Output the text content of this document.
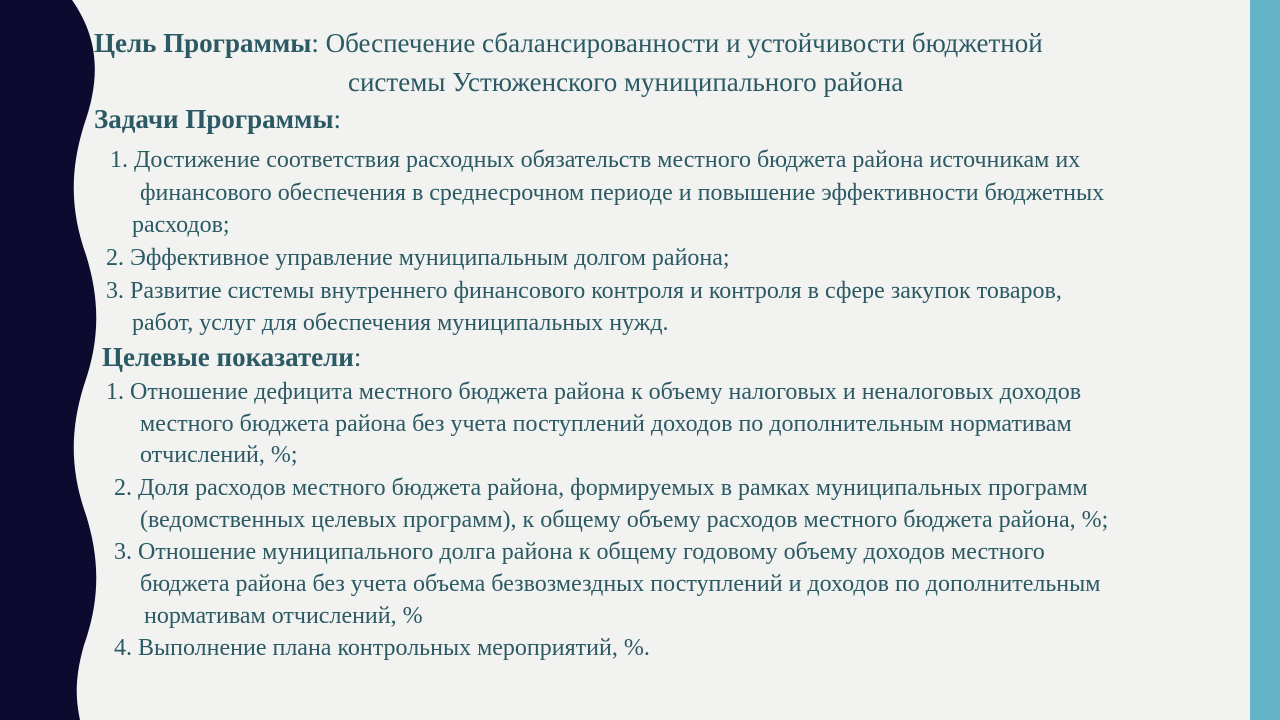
Цель Программы: Обеспечение сбалансированности и устойчивости бюджетной
системы Устюженского муниципального района
Задачи Программы:
1. Достижение соответствия расходных обязательств местного бюджета района источникам их
финансового обеспечения в среднесрочном периоде и повышение эффективности бюджетных
расходов;
2. Эффективное управление муниципальным долгом района;
3. Развитие системы внутреннего финансового контроля и контроля в сфере закупок товаров,
работ, услуг для обеспечения муниципальных нужд.
Целевые показатели:
1. Отношение дефицита местного бюджета района к объему налоговых и неналоговых доходов
местного бюджета района без учета поступлений доходов по дополнительным нормативам
отчислений, %;
2. Доля расходов местного бюджета района, формируемых в рамках муниципальных программ
(ведомственных целевых программ), к общему объему расходов местного бюджета района, %;
3. Отношение муниципального долга района к общему годовому объему доходов местного
бюджета района без учета объема безвозмездных поступлений и доходов по дополнительным
нормативам отчислений, %
4. Выполнение плана контрольных мероприятий, %.
